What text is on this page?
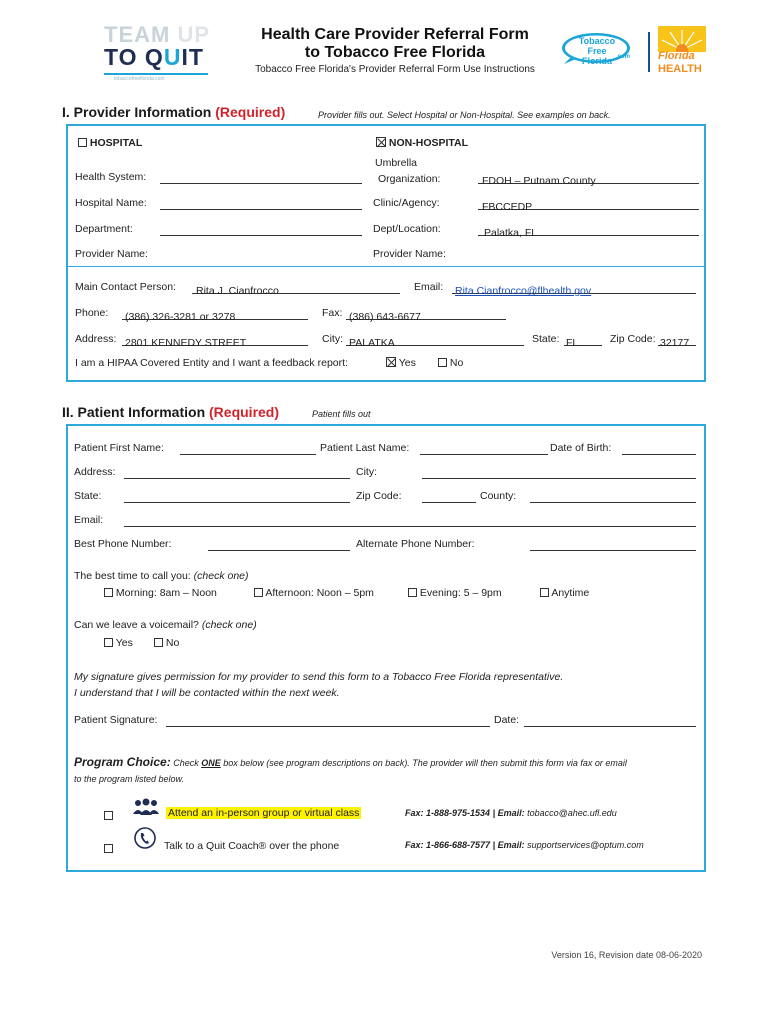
TEAM UP
TO QUIT
tobaccofreeflorida.com
Health Care Provider Referral Form
to Tobacco Free Florida
Tobacco Free Florida's Provider Referral Form Use Instructions
Tobacco Free
Florida .com	Florida
HEALTH
I. Provider Information (Required)	Provider fills out. Select Hospital or Non-Hospital. See examples on back.
HOSPITAL
Health System:
Hospital Name:
Department:
Provider Name:
NON-HOSPITAL
Umbrella
Organization:	FDOH – Putnam County
Clinic/Agency:	FBCCEDP
Dept/Location:	Palatka, FL
Provider Name:
Main Contact Person:	Rita J. Cianfrocco	Email: Rita.Cianfrocco@flhealth.gov
Phone: (386) 326-3281 or 3278	Fax: (386) 643-6677
Address: 2801 KENNEDY STREET	City: PALATKA	State: FL	Zip Code: 32177
I am a HIPAA Covered Entity and I want a feedback report:	Yes	No
II. Patient Information (Required)	Patient fills out
Patient First Name:	Patient Last Name:	Date of Birth:
Address:	City:
State:	Zip Code:	County:
Email:
Best Phone Number:	Alternate Phone Number:
The best time to call you: (check one)
Morning: 8am – Noon	Afternoon: Noon – 5pm	Evening: 5 – 9pm	Anytime
Can we leave a voicemail? (check one)
Yes	No
My signature gives permission for my provider to send this form to a Tobacco Free Florida representative.
I understand that I will be contacted within the next week.
Patient Signature:	Date:
Program Choice: Check ONE box below (see program descriptions on back). The provider will then submit this form via fax or email
to the program listed below.
Attend an in-person group or virtual class	Fax: 1-888-975-1534 | Email: tobacco@ahec.ufl.edu
Talk to a Quit Coach® over the phone	Fax: 1-866-688-7577 | Email: supportservices@optum.com
Version 16, Revision date 08-06-2020
